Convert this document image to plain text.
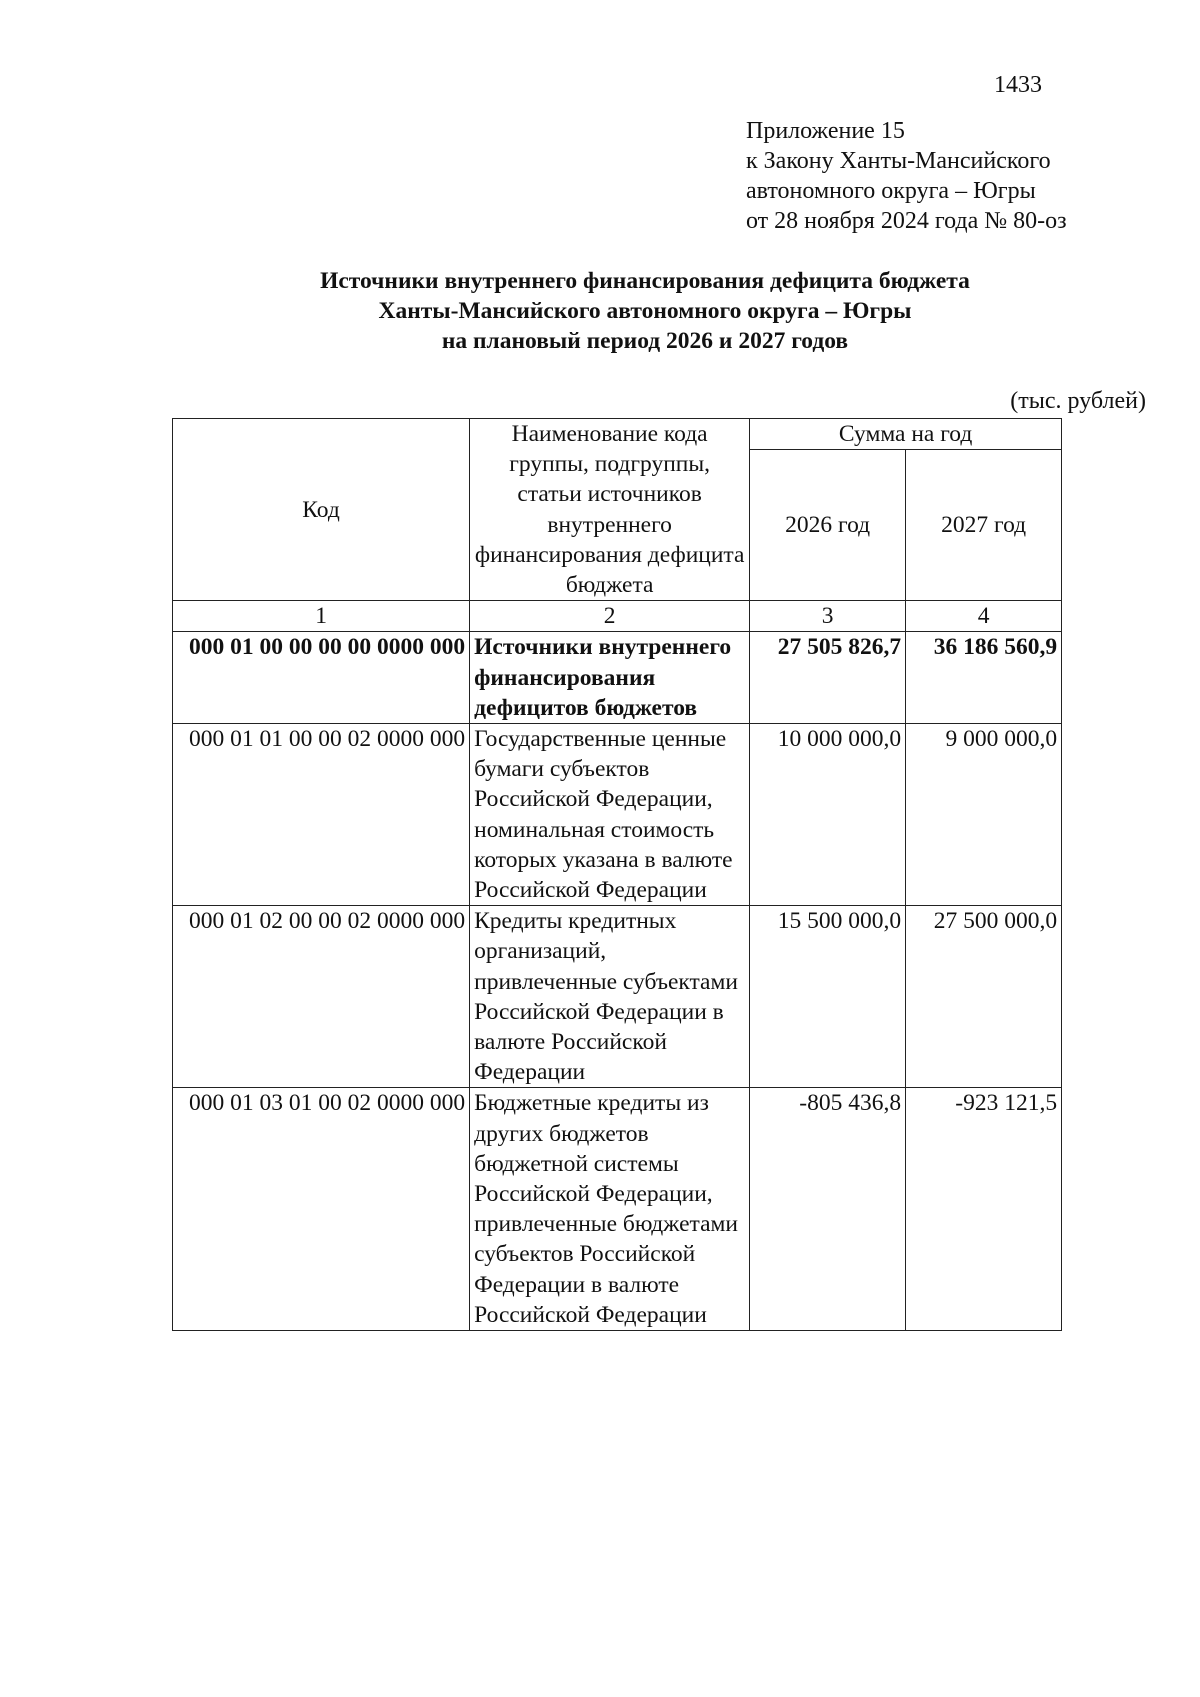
1433
Приложение 15
к Закону Ханты-Мансийского
автономного округа – Югры
от 28 ноября 2024 года № 80-оз
Источники внутреннего финансирования дефицита бюджета
Ханты-Мансийского автономного округа – Югры
на плановый период 2026 и 2027 годов
(тыс. рублей)
Код	Наименование кода группы, подгруппы, статьи источников внутреннего финансирования дефицита бюджета	Сумма на год	
		2026 год	2027 год
1	2	3	4
000 01 00 00 00 00 0000 000	Источники внутреннего финансирования дефицитов бюджетов	27 505 826,7	36 186 560,9
000 01 01 00 00 02 0000 000	Государственные ценные бумаги субъектов Российской Федерации, номинальная стоимость которых указана в валюте Российской Федерации	10 000 000,0	9 000 000,0
000 01 02 00 00 02 0000 000	Кредиты кредитных организаций, привлеченные субъектами Российской Федерации в валюте Российской Федерации	15 500 000,0	27 500 000,0
000 01 03 01 00 02 0000 000	Бюджетные кредиты из других бюджетов бюджетной системы Российской Федерации, привлеченные бюджетами субъектов Российской Федерации в валюте Российской Федерации	-805 436,8	-923 121,5
